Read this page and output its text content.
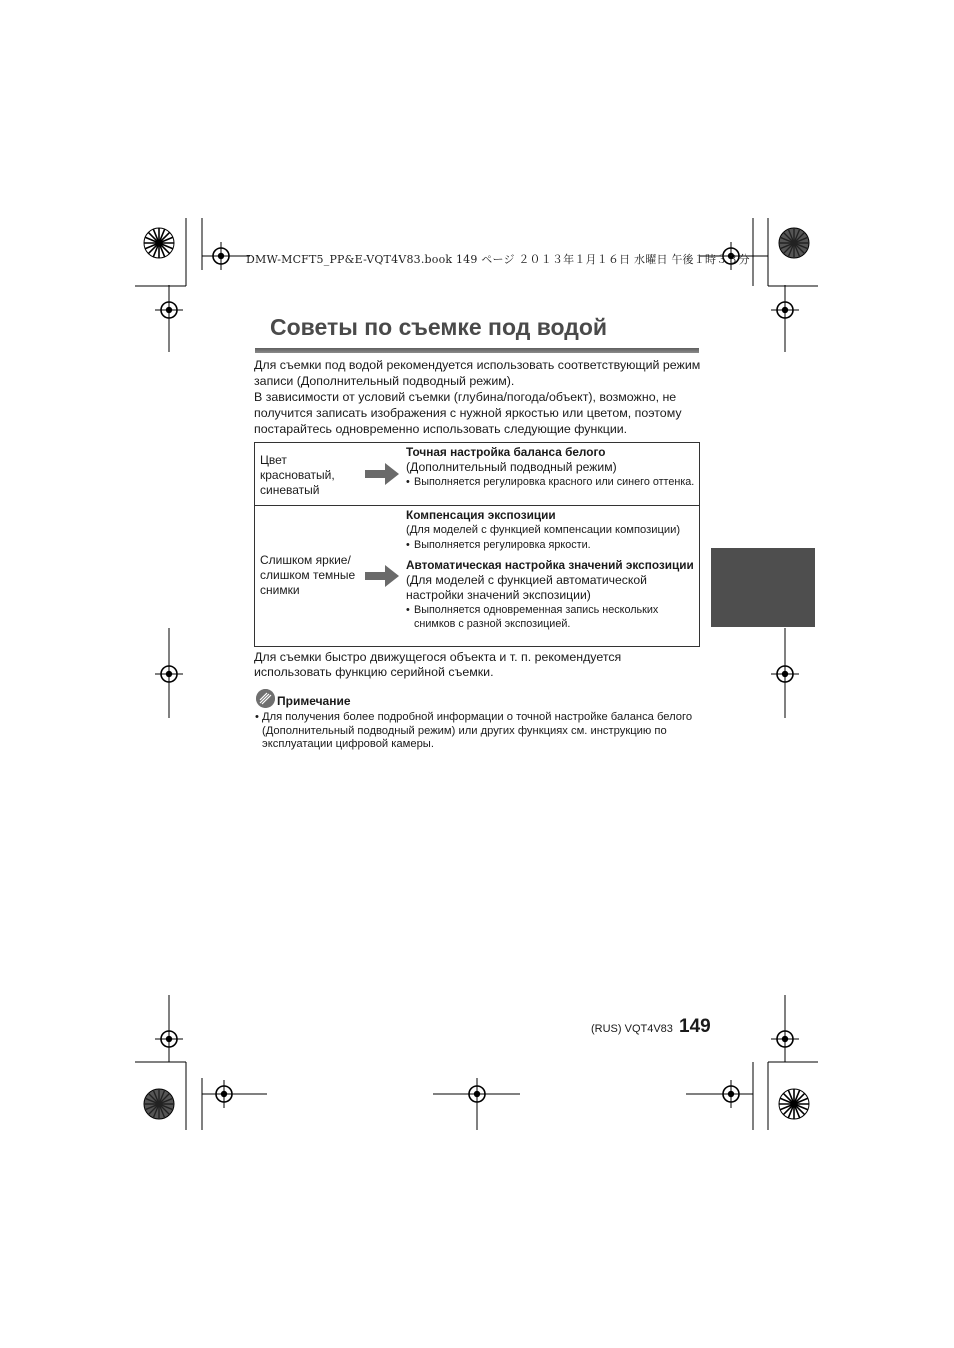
DMW-MCFT5_PP&E-VQT4V83.book 149 ページ ２０１３年１月１６日 水曜日 午後１時３３分
Советы по съемке под водой

Для съемки под водой рекомендуется использовать соответствующий режим записи (Дополнительный подводный режим).

В зависимости от условий съемки (глубина/погода/объект), возможно, не получится записать изображения с нужной яркостью или цветом, поэтому постарайтесь одновременно использовать следующие функции.

Цвет красноватый, синеватый

Точная настройка баланса белого

(Дополнительный подводный режим)

• Выполняется регулировка красного или синего оттенка.

Слишком яркие/слишком темные снимки

Компенсация экспозиции

(Для моделей с функцией компенсации композиции)

• Выполняется регулировка яркости.

Автоматическая настройка значений экспозиции

(Для моделей с функцией автоматической настройки значений экспозиции)

• Выполняется одновременная запись нескольких снимков с разной экспозицией.

Для съемки быстро движущегося объекта и т. п. рекомендуется использовать функцию серийной съемки.

Примечание

• Для получения более подробной информации о точной настройке баланса белого (Дополнительный подводный режим) или других функциях см. инструкцию по эксплуатации цифровой камеры.

(RUS) VQT4V83 149
